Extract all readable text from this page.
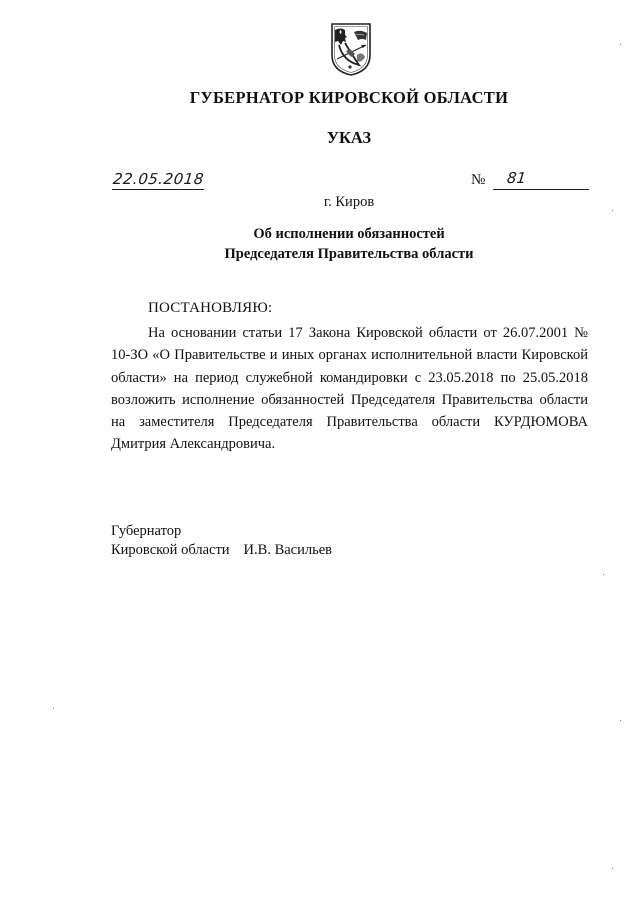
ГУБЕРНАТОР КИРОВСКОЙ ОБЛАСТИ
УКАЗ
22.05.2018	№ 81
г. Киров
Об исполнении обязанностей
Председателя Правительства области
ПОСТАНОВЛЯЮ:

На основании статьи 17 Закона Кировской области от 26.07.2001 № 10-ЗО «О Правительстве и иных органах исполнительной власти Кировской области» на период служебной командировки с 23.05.2018 по 25.05.2018 возложить исполнение обязанностей Председателя Правительства области на заместителя Председателя Правительства области КУРДЮМОВА Дмитрия Александровича.

Губернатор
Кировской области И.В. Васильев
